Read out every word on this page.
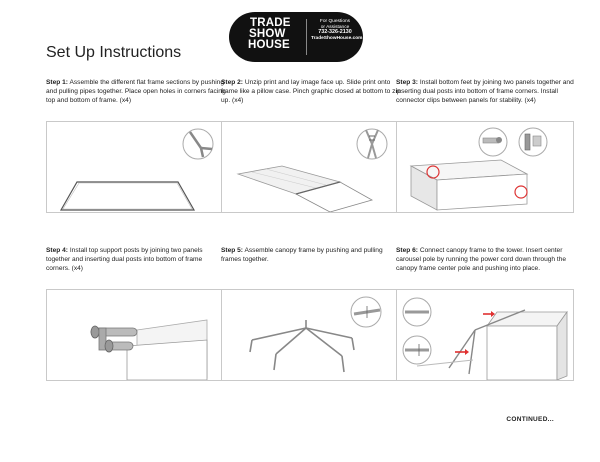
TRADE
SHOW
HOUSE
For Questions
or Assistance
732-326-2130
TradeShowHouse.com
Set Up Instructions
Step 1: Assemble the different flat frame sections by pushing and pulling pipes together. Place open holes in corners facing top and bottom of frame. (x4)
Step 2: Unzip print and lay image face up. Slide print onto frame like a pillow case. Pinch graphic closed at bottom to zip up. (x4)
Step 3: Install bottom feet by joining two panels together and inserting dual posts into bottom of frame corners. Install connector clips between panels for stability. (x4)
Step 4: Install top support posts by joining two panels together and inserting dual posts into bottom of frame corners. (x4)
Step 5: Assemble canopy frame by pushing and pulling frames together.
Step 6: Connect canopy frame to the tower. Insert center carousel pole by running the power cord down through the canopy frame center pole and pushing into place.
CONTINUED...
